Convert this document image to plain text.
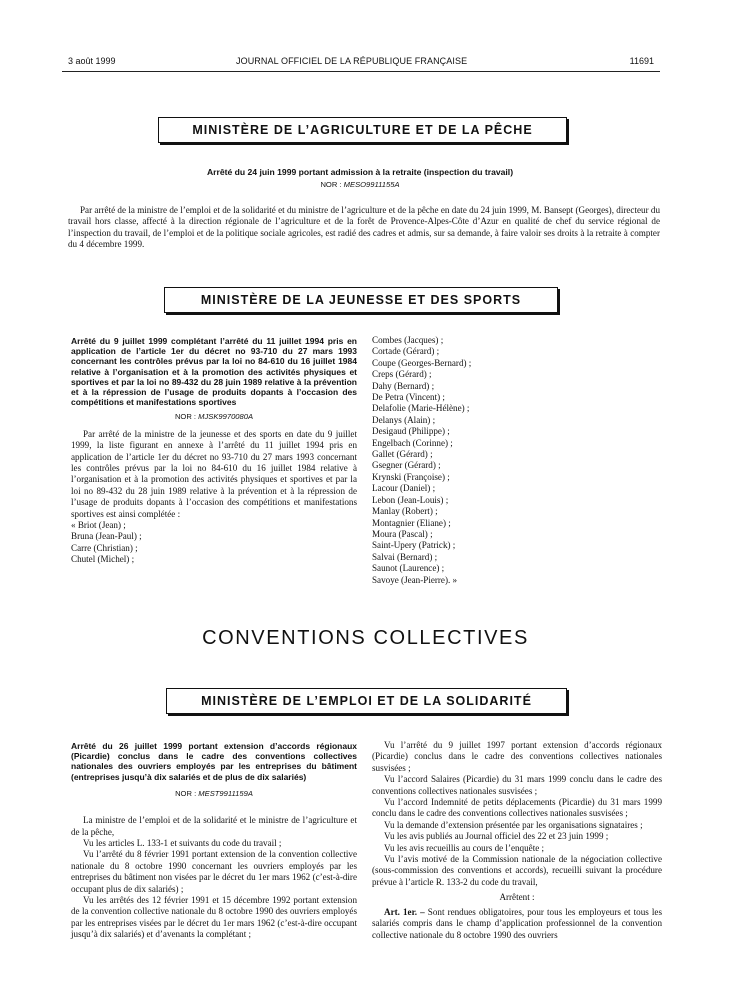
3 août 1999	JOURNAL OFFICIEL DE LA RÉPUBLIQUE FRANÇAISE	11691
MINISTÈRE DE L’AGRICULTURE ET DE LA PÊCHE
Arrêté du 24 juin 1999 portant admission à la retraite (inspection du travail)
NOR : MESO9911155A

Par arrêté de la ministre de l’emploi et de la solidarité et du ministre de l’agriculture et de la pêche en date du 24 juin 1999, M. Bansept (Georges), directeur du travail hors classe, affecté à la direction régionale de l’agriculture et de la forêt de Provence-Alpes-Côte d’Azur en qualité de chef du service régional de l’inspection du travail, de l’emploi et de la politique sociale agricoles, est radié des cadres et admis, sur sa demande, à faire valoir ses droits à la retraite à compter du 4 décembre 1999.

MINISTÈRE DE LA JEUNESSE ET DES SPORTS

Arrêté du 9 juillet 1999 complétant l’arrêté du 11 juillet 1994 pris en application de l’article 1er du décret no 93-710 du 27 mars 1993 concernant les contrôles prévus par la loi no 84-610 du 16 juillet 1984 relative à l’organisation et à la promotion des activités physiques et sportives et par la loi no 89-432 du 28 juin 1989 relative à la prévention et à la répression de l’usage de produits dopants à l’occasion des compétitions et manifestations sportives

NOR : MJSK9970080A

Par arrêté de la ministre de la jeunesse et des sports en date du 9 juillet 1999, la liste figurant en annexe à l’arrêté du 11 juillet 1994 pris en application de l’article 1er du décret no 93-710 du 27 mars 1993 concernant les contrôles prévus par la loi no 84-610 du 16 juillet 1984 relative à l’organisation et à la promotion des activités physiques et sportives et par la loi no 89-432 du 28 juin 1989 relative à la prévention et à la répression de l’usage de produits dopants à l’occasion des compétitions et manifestations sportives est ainsi complétée :

« Briot (Jean) ;
Bruna (Jean-Paul) ;
Carre (Christian) ;
Chutel (Michel) ;
Combes (Jacques) ;
Cortade (Gérard) ;
Coupe (Georges-Bernard) ;
Creps (Gérard) ;
Dahy (Bernard) ;
De Petra (Vincent) ;
Delafolie (Marie-Hélène) ;
Delanys (Alain) ;
Desigaud (Philippe) ;
Engelbach (Corinne) ;
Gallet (Gérard) ;
Gsegner (Gérard) ;
Krynski (Françoise) ;
Lacour (Daniel) ;
Lebon (Jean-Louis) ;
Manlay (Robert) ;
Montagnier (Eliane) ;
Moura (Pascal) ;
Saint-Upery (Patrick) ;
Salvai (Bernard) ;
Saunot (Laurence) ;
Savoye (Jean-Pierre). »
CONVENTIONS COLLECTIVES
MINISTÈRE DE L’EMPLOI ET DE LA SOLIDARITÉ

Arrêté du 26 juillet 1999 portant extension d’accords régionaux (Picardie) conclus dans le cadre des conventions collectives nationales des ouvriers employés par les entreprises du bâtiment (entreprises jusqu’à dix salariés et de plus de dix salariés)

NOR : MEST9911159A

La ministre de l’emploi et de la solidarité et le ministre de l’agriculture et de la pêche,

Vu les articles L. 133-1 et suivants du code du travail ;

Vu l’arrêté du 8 février 1991 portant extension de la convention collective nationale du 8 octobre 1990 concernant les ouvriers employés par les entreprises du bâtiment non visées par le décret du 1er mars 1962 (c’est-à-dire occupant plus de dix salariés) ;

Vu les arrêtés des 12 février 1991 et 15 décembre 1992 portant extension de la convention collective nationale du 8 octobre 1990 des ouvriers employés par les entreprises visées par le décret du 1er mars 1962 (c’est-à-dire occupant jusqu’à dix salariés) et d’avenants la complétant ;

Vu l’arrêté du 9 juillet 1997 portant extension d’accords régionaux (Picardie) conclus dans le cadre des conventions collectives nationales susvisées ;

Vu l’accord Salaires (Picardie) du 31 mars 1999 conclu dans le cadre des conventions collectives nationales susvisées ;

Vu l’accord Indemnité de petits déplacements (Picardie) du 31 mars 1999 conclu dans le cadre des conventions collectives nationales susvisées ;

Vu la demande d’extension présentée par les organisations signataires ;

Vu les avis publiés au Journal officiel des 22 et 23 juin 1999 ;

Vu les avis recueillis au cours de l’enquête ;

Vu l’avis motivé de la Commission nationale de la négociation collective (sous-commission des conventions et accords), recueilli suivant la procédure prévue à l’article R. 133-2 du code du travail,

Arrêtent :

Art. 1er. – Sont rendues obligatoires, pour tous les employeurs et tous les salariés compris dans le champ d’application professionnel de la convention collective nationale du 8 octobre 1990 des ouvriers
